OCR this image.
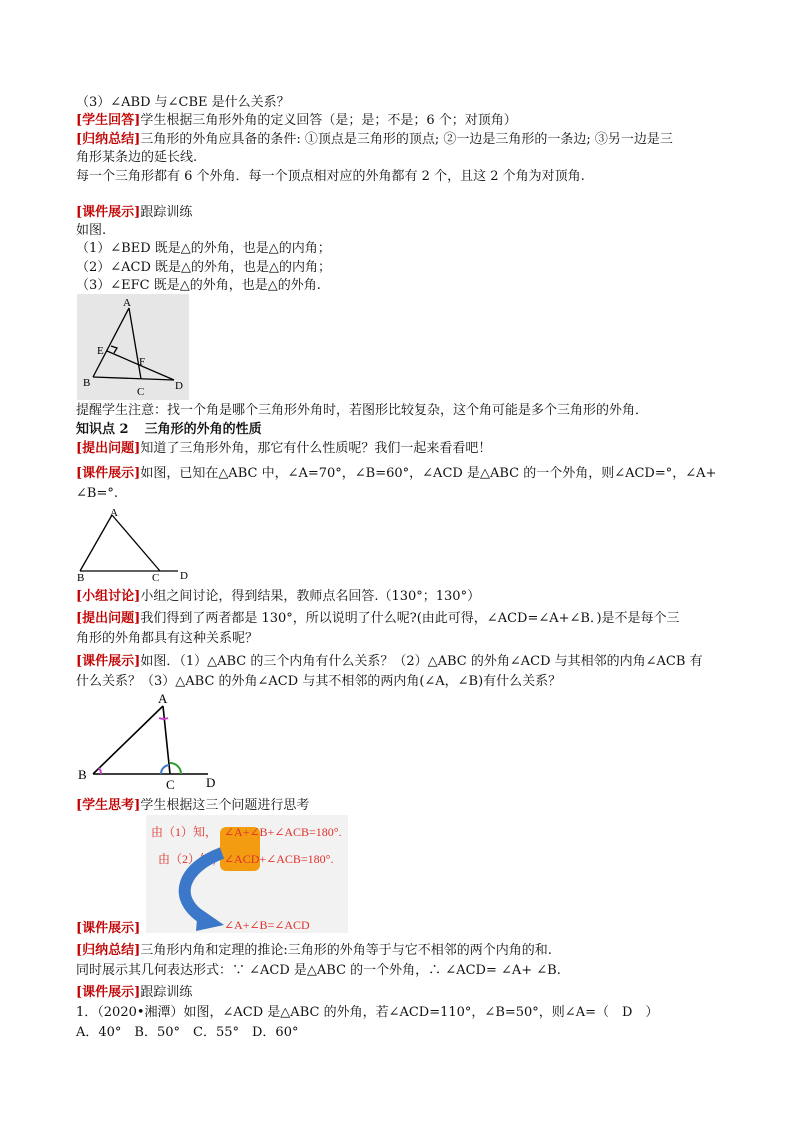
（3）∠ABD 与∠CBE 是什么关系？
[学生回答]学生根据三角形外角的定义回答（是；是；不是；6 个；对顶角）
[归纳总结]三角形的外角应具备的条件: ①顶点是三角形的顶点; ②一边是三角形的一条边; ③另一边是三
角形某条边的延长线.
每一个三角形都有 6 个外角．每一个顶点相对应的外角都有 2 个，且这 2 个角为对顶角.
[课件展示]跟踪训练
如图.
（1）∠BED 既是△的外角，也是△的内角；
（2）∠ACD 既是△的外角，也是△的内角；
（3）∠EFC 既是△的外角，也是△的外角.
A
E
F
B
C	D
提醒学生注意：找一个角是哪个三角形外角时，若图形比较复杂，这个角可能是多个三角形的外角．
知识点 2 三角形的外角的性质
[提出问题]知道了三角形外角，那它有什么性质呢？我们一起来看看吧！
[课件展示]如图，已知在△ABC 中，∠A=70°，∠B=60°，∠ACD 是△ABC 的一个外角，则∠ACD=°，∠A+
∠B=°.
A
B	C D
[小组讨论]小组之间讨论，得到结果，教师点名回答.（130°；130°）
[提出问题]我们得到了两者都是 130°，所以说明了什么呢?(由此可得，∠ACD=∠A+∠B．)是不是每个三
角形的外角都具有这种关系呢？
[课件展示]如图．（1）△ABC 的三个内角有什么关系？（2）△ABC 的外角∠ACD 与其相邻的内角∠ACB 有
什么关系？（3）△ABC 的外角∠ACD 与其不相邻的两内角(∠A，∠B)有什么关系？
A
B
C D
[学生思考]学生根据这三个问题进行思考
由（1）知， ∠A+∠B+∠ACB=180°.
由（2）知， ∠ACD+∠ACB=180°.
∠A+∠B=∠ACD
[课件展示]
[归纳总结]三角形内角和定理的推论:三角形的外角等于与它不相邻的两个内角的和.
同时展示其几何表达形式：∵ ∠ACD 是△ABC 的一个外角，∴ ∠ACD= ∠A+ ∠B.
[课件展示]跟踪训练
1．（2020•湘潭）如图，∠ACD 是△ABC 的外角，若∠ACD=110°，∠B=50°，则∠A=（　D　）
A．40°　B．50°　C．55°　D．60°
